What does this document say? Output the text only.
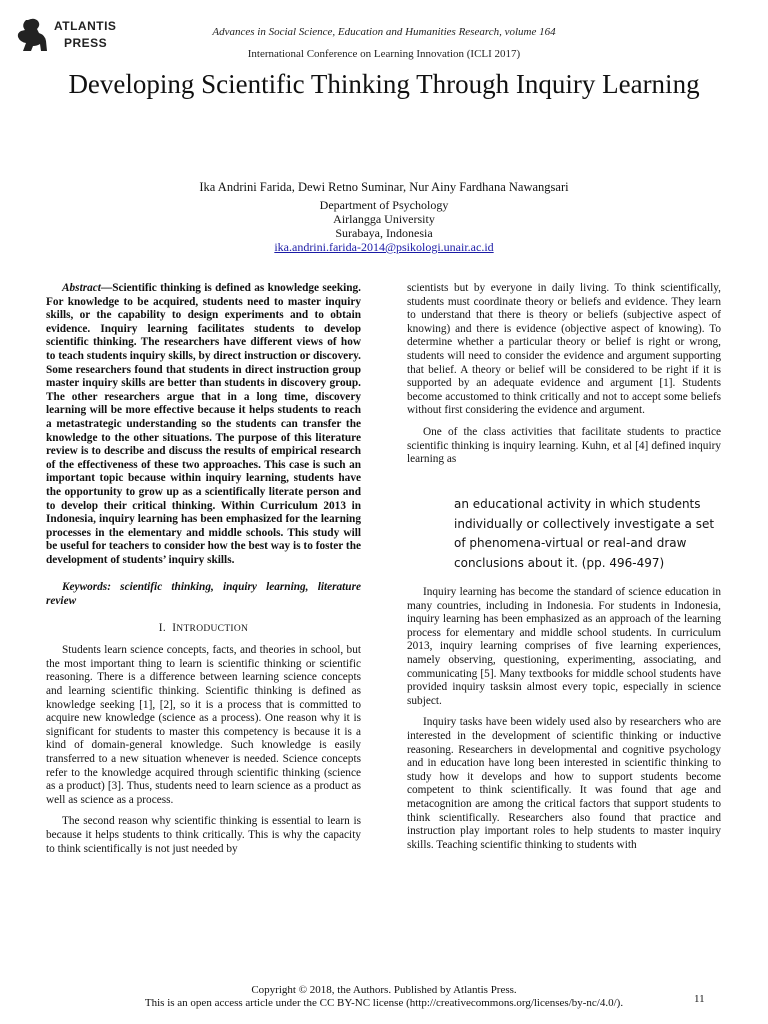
ATLANTIS
PRESS
Advances in Social Science, Education and Humanities Research, volume 164
International Conference on Learning Innovation (ICLI 2017)
Developing Scientific Thinking Through Inquiry Learning
Ika Andrini Farida, Dewi Retno Suminar, Nur Ainy Fardhana Nawangsari
Department of Psychology
Airlangga University
Surabaya, Indonesia
ika.andrini.farida-2014@psikologi.unair.ac.id

Abstract—Scientific thinking is defined as knowledge seeking. For knowledge to be acquired, students need to master inquiry skills, or the capability to design experiments and to obtain evidence. Inquiry learning facilitates students to develop scientific thinking. The researchers have different views of how to teach students inquiry skills, by direct instruction or discovery. Some researchers found that students in direct instruction group master inquiry skills are better than students in discovery group. The other researchers argue that in a long time, discovery learning will be more effective because it helps students to reach a metastrategic understanding so the students can transfer the knowledge to the other situations. The purpose of this literature review is to describe and discuss the results of empirical research of the effectiveness of these two approaches. This case is such an important topic because within inquiry learning, students have the opportunity to grow up as a scientifically literate person and to develop their critical thinking. Within Curriculum 2013 in Indonesia, inquiry learning has been emphasized for the learning processes in the elementary and middle schools. This study will be useful for teachers to consider how the best way is to foster the development of students’ inquiry skills.

Keywords: scientific thinking, inquiry learning, literature review

I. INTRODUCTION

Students learn science concepts, facts, and theories in school, but the most important thing to learn is scientific thinking or scientific reasoning. There is a difference between learning science concepts and learning scientific thinking. Scientific thinking is defined as knowledge seeking [1], [2], so it is a process that is committed to acquire new knowledge (science as a process). One reason why it is significant for students to master this competency is because it is a kind of domain-general knowledge. Such knowledge is easily transferred to a new situation whenever is needed. Science concepts refer to the knowledge acquired through scientific thinking (science as a product) [3]. Thus, students need to learn science as a product as well as science as a process.

The second reason why scientific thinking is essential to learn is because it helps students to think critically. This is why the capacity to think scientifically is not just needed by

scientists but by everyone in daily living. To think scientifically, students must coordinate theory or beliefs and evidence. They learn to understand that there is theory or beliefs (subjective aspect of knowing) and there is evidence (objective aspect of knowing). To determine whether a particular theory or belief is right or wrong, students will need to consider the evidence and argument supporting that belief. A theory or belief will be considered to be right if it is supported by an adequate evidence and argument [1]. Students become accustomed to think critically and not to accept some beliefs without first considering the evidence and argument.

One of the class activities that facilitate students to practice scientific thinking is inquiry learning. Kuhn, et al [4] defined inquiry learning as

an educational activity in which students individually or collectively investigate a set of phenomena-virtual or real-and draw conclusions about it. (pp. 496-497)

Inquiry learning has become the standard of science education in many countries, including in Indonesia. For students in Indonesia, inquiry learning has been emphasized as an approach of the learning process for elementary and middle school students. In curriculum 2013, inquiry learning comprises of five learning experiences, namely observing, questioning, experimenting, associating, and communicating [5]. Many textbooks for middle school students have provided inquiry tasksin almost every topic, especially in science subject.

Inquiry tasks have been widely used also by researchers who are interested in the development of scientific thinking or inductive reasoning. Researchers in developmental and cognitive psychology and in education have long been interested in scientific thinking to study how it develops and how to support students become competent to think scientifically. It was found that age and metacognition are among the critical factors that support students to think scientifically. Researchers also found that practice and instruction play important roles to help students to master inquiry skills. Teaching scientific thinking to students with

Copyright © 2018, the Authors. Published by Atlantis Press.
This is an open access article under the CC BY-NC license (http://creativecommons.org/licenses/by-nc/4.0/).	11
